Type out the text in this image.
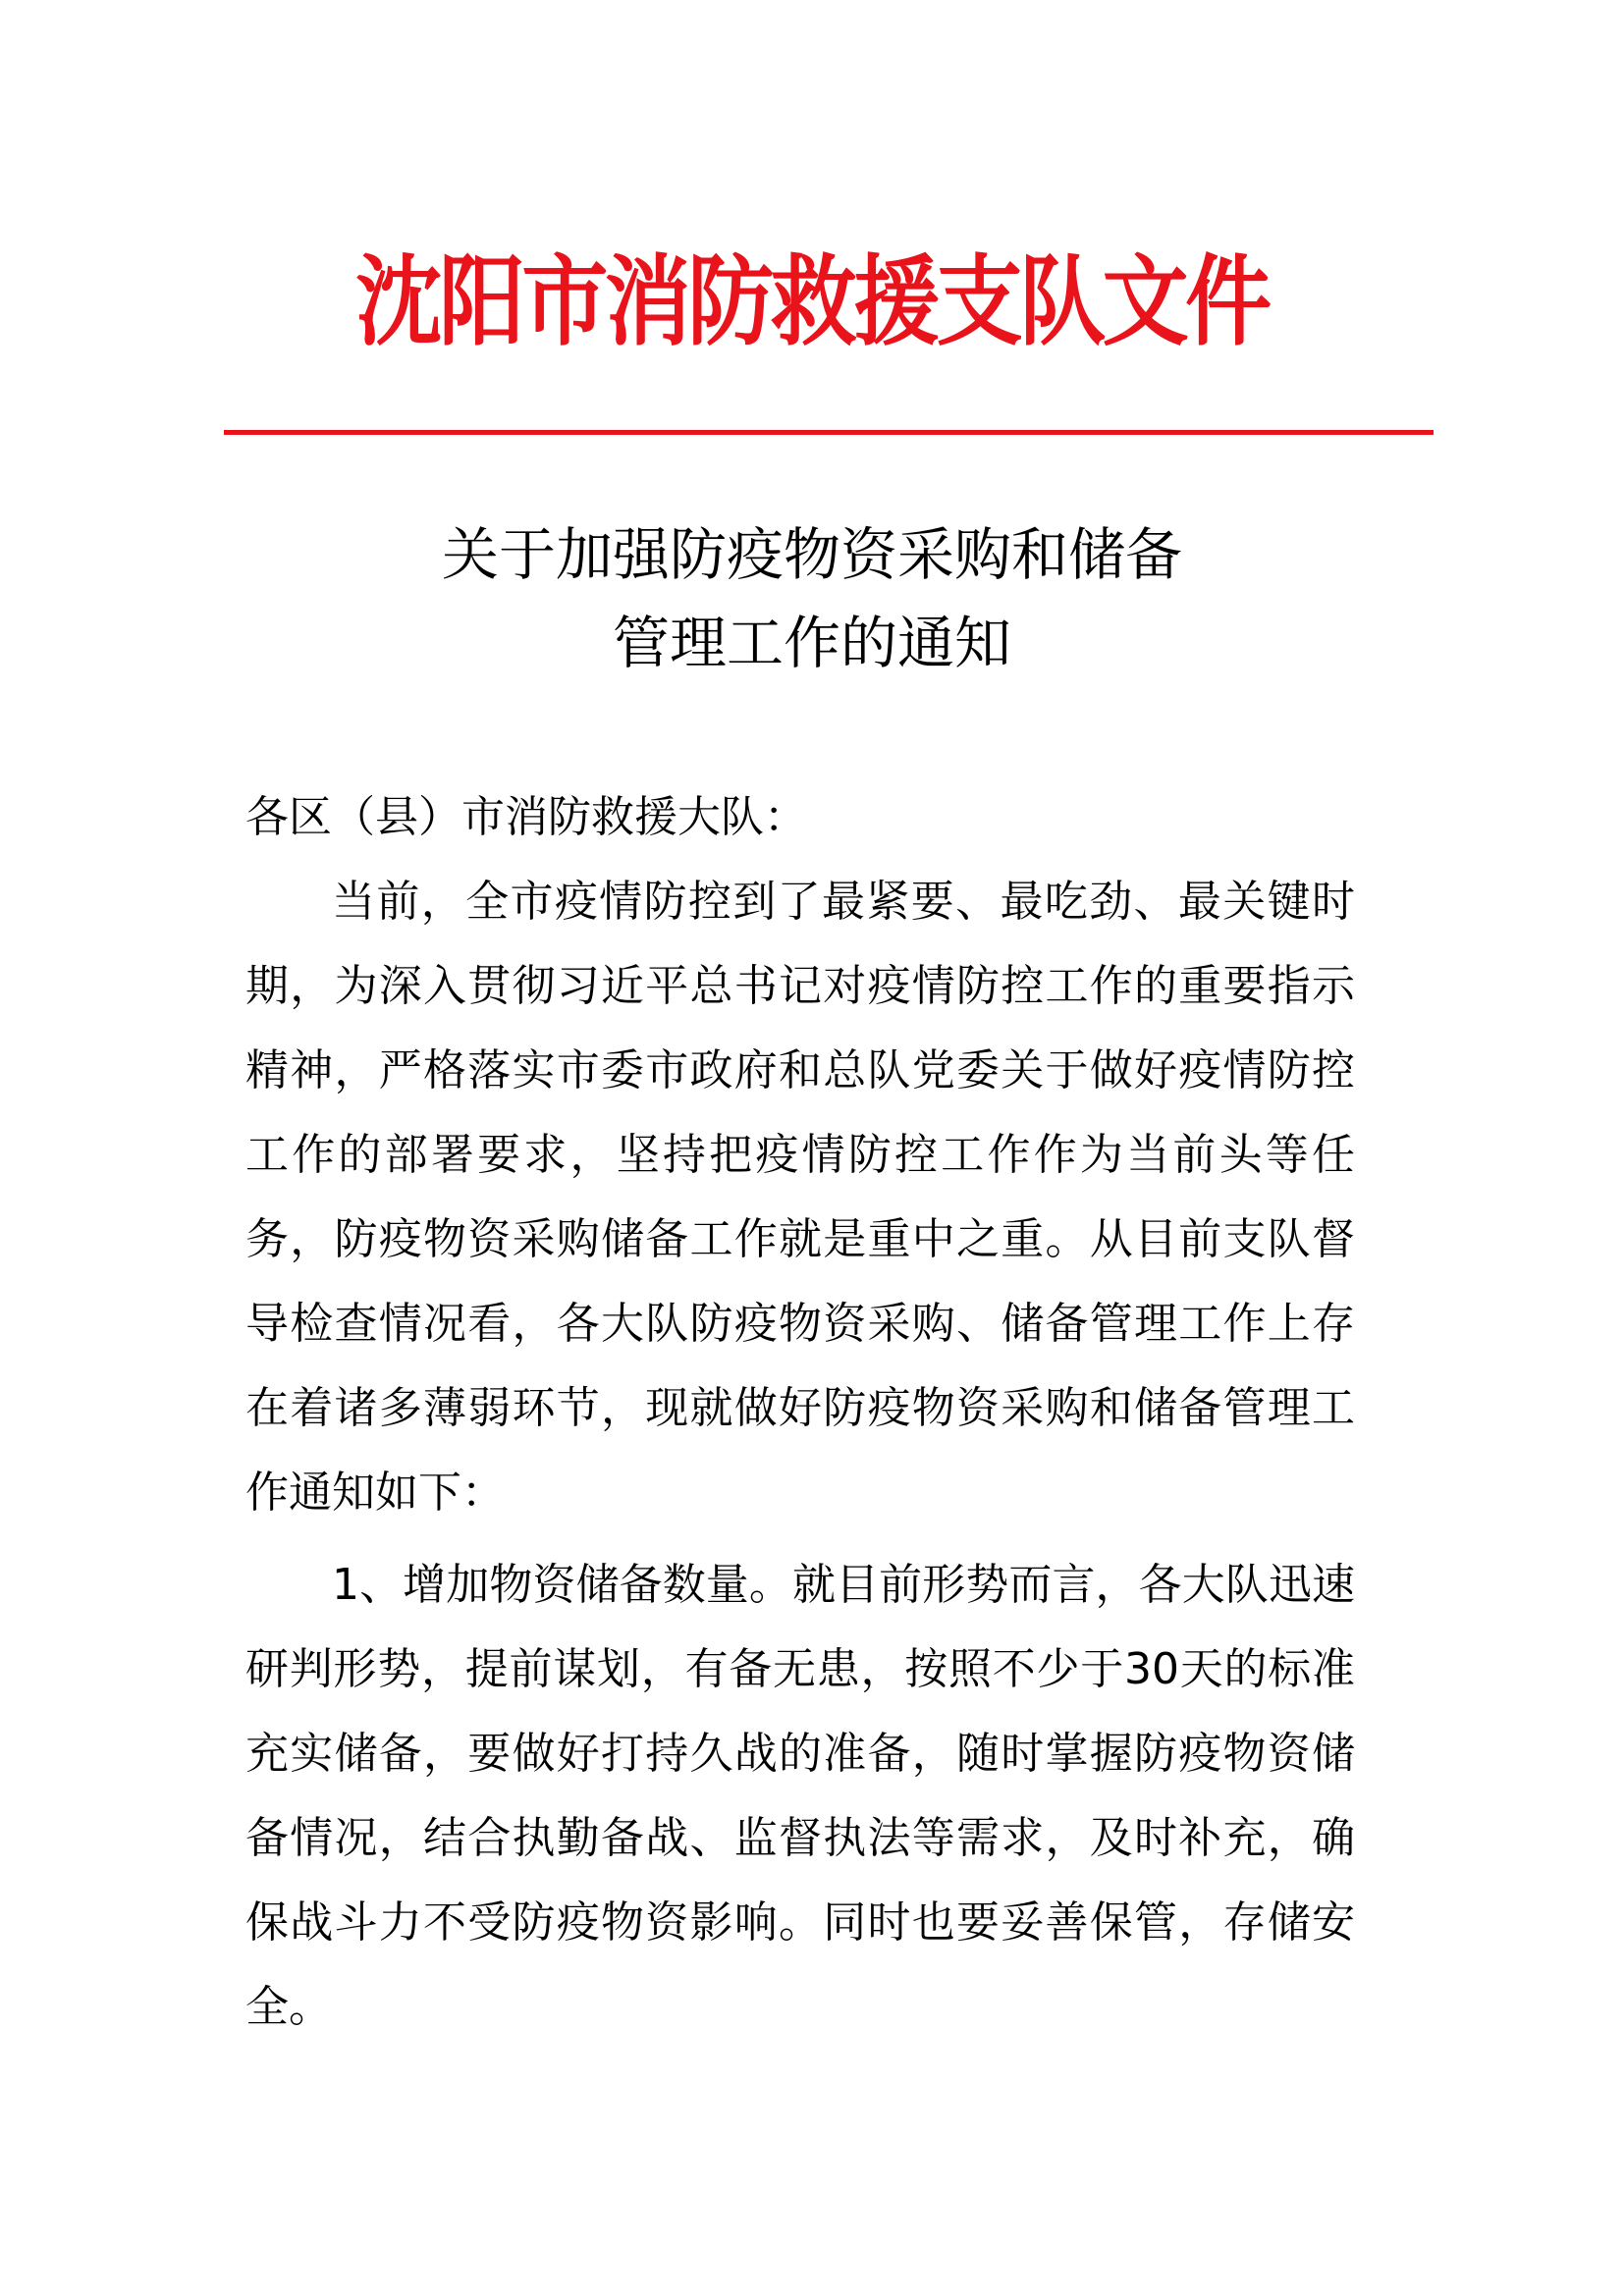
沈阳市消防救援支队文件
关于加强防疫物资采购和储备
管理工作的通知

各区（县）市消防救援大队：

当前，全市疫情防控到了最紧要、最吃劲、最关键时期，为深入贯彻习近平总书记对疫情防控工作的重要指示精神，严格落实市委市政府和总队党委关于做好疫情防控工作的部署要求，坚持把疫情防控工作作为当前头等任务，防疫物资采购储备工作就是重中之重。从目前支队督导检查情况看，各大队防疫物资采购、储备管理工作上存在着诸多薄弱环节，现就做好防疫物资采购和储备管理工作通知如下：

1、增加物资储备数量。就目前形势而言，各大队迅速研判形势，提前谋划，有备无患，按照不少于30天的标准充实储备，要做好打持久战的准备，随时掌握防疫物资储备情况，结合执勤备战、监督执法等需求，及时补充，确保战斗力不受防疫物资影响。同时也要妥善保管，存储安全。
